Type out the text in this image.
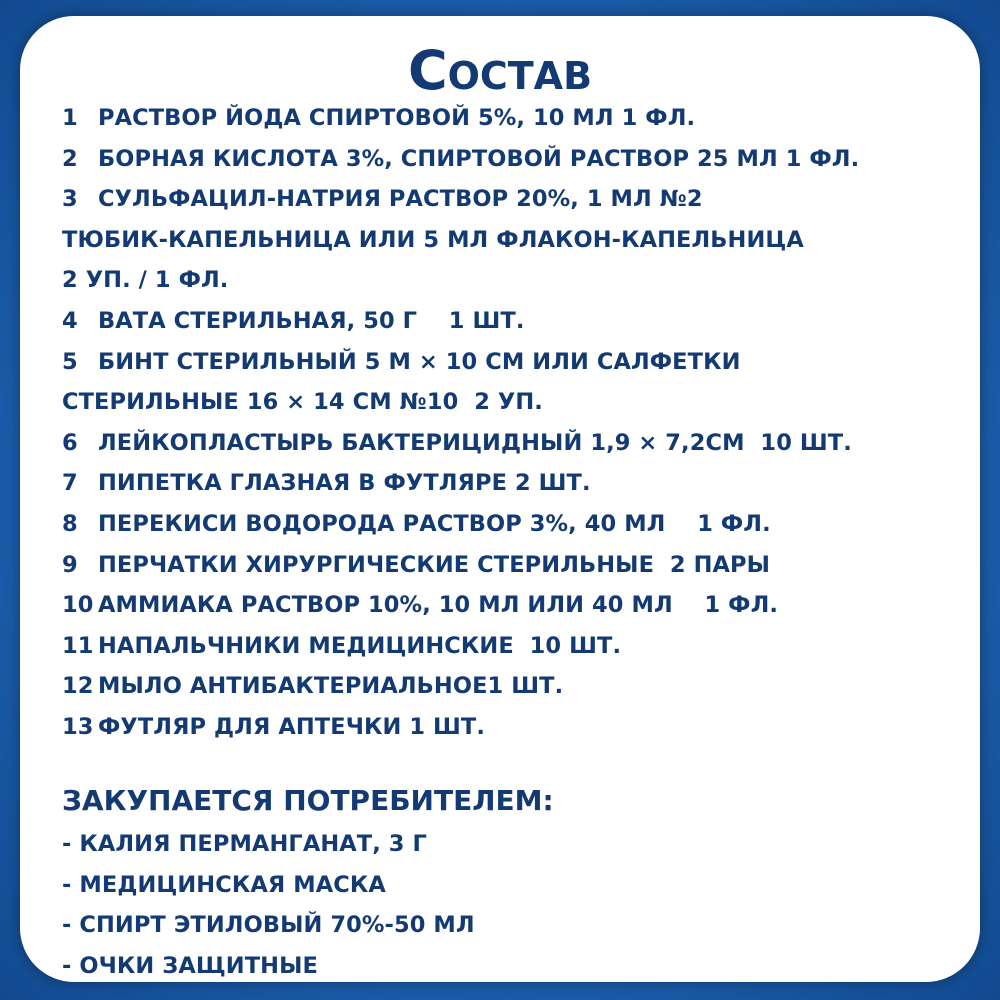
Состав
1 РАСТВОР ЙОДА СПИРТОВОЙ 5%, 10 МЛ 1 ФЛ.
2 БОРНАЯ КИСЛОТА 3%, СПИРТОВОЙ РАСТВОР 25 МЛ 1 ФЛ.
3 СУЛЬФАЦИЛ-НАТРИЯ РАСТВОР 20%, 1 МЛ №2
ТЮБИК-КАПЕЛЬНИЦА ИЛИ 5 МЛ ФЛАКОН-КАПЕЛЬНИЦА
2 УП. / 1 ФЛ.
4 ВАТА СТЕРИЛЬНАЯ, 50 Г    1 ШТ.
5 БИНТ СТЕРИЛЬНЫЙ 5 М × 10 СМ ИЛИ САЛФЕТКИ
СТЕРИЛЬНЫЕ 16 × 14 СМ №10  2 УП.
6 ЛЕЙКОПЛАСТЫРЬ БАКТЕРИЦИДНЫЙ 1,9 × 7,2СМ  10 ШТ.
7 ПИПЕТКА ГЛАЗНАЯ В ФУТЛЯРЕ 2 ШТ.
8 ПЕРЕКИСИ ВОДОРОДА РАСТВОР 3%, 40 МЛ    1 ФЛ.
9 ПЕРЧАТКИ ХИРУРГИЧЕСКИЕ СТЕРИЛЬНЫЕ  2 ПАРЫ
10 АММИАКА РАСТВОР 10%, 10 МЛ ИЛИ 40 МЛ    1 ФЛ.
11 НАПАЛЬЧНИКИ МЕДИЦИНСКИЕ  10 ШТ.
12 МЫЛО АНТИБАКТЕРИАЛЬНОЕ1 ШТ.
13 ФУТЛЯР ДЛЯ АПТЕЧКИ 1 ШТ.
ЗАКУПАЕТСЯ ПОТРЕБИТЕЛЕМ:
- КАЛИЯ ПЕРМАНГАНАТ, 3 Г
- МЕДИЦИНСКАЯ МАСКА
- СПИРТ ЭТИЛОВЫЙ 70%-50 МЛ
- ОЧКИ ЗАЩИТНЫЕ
